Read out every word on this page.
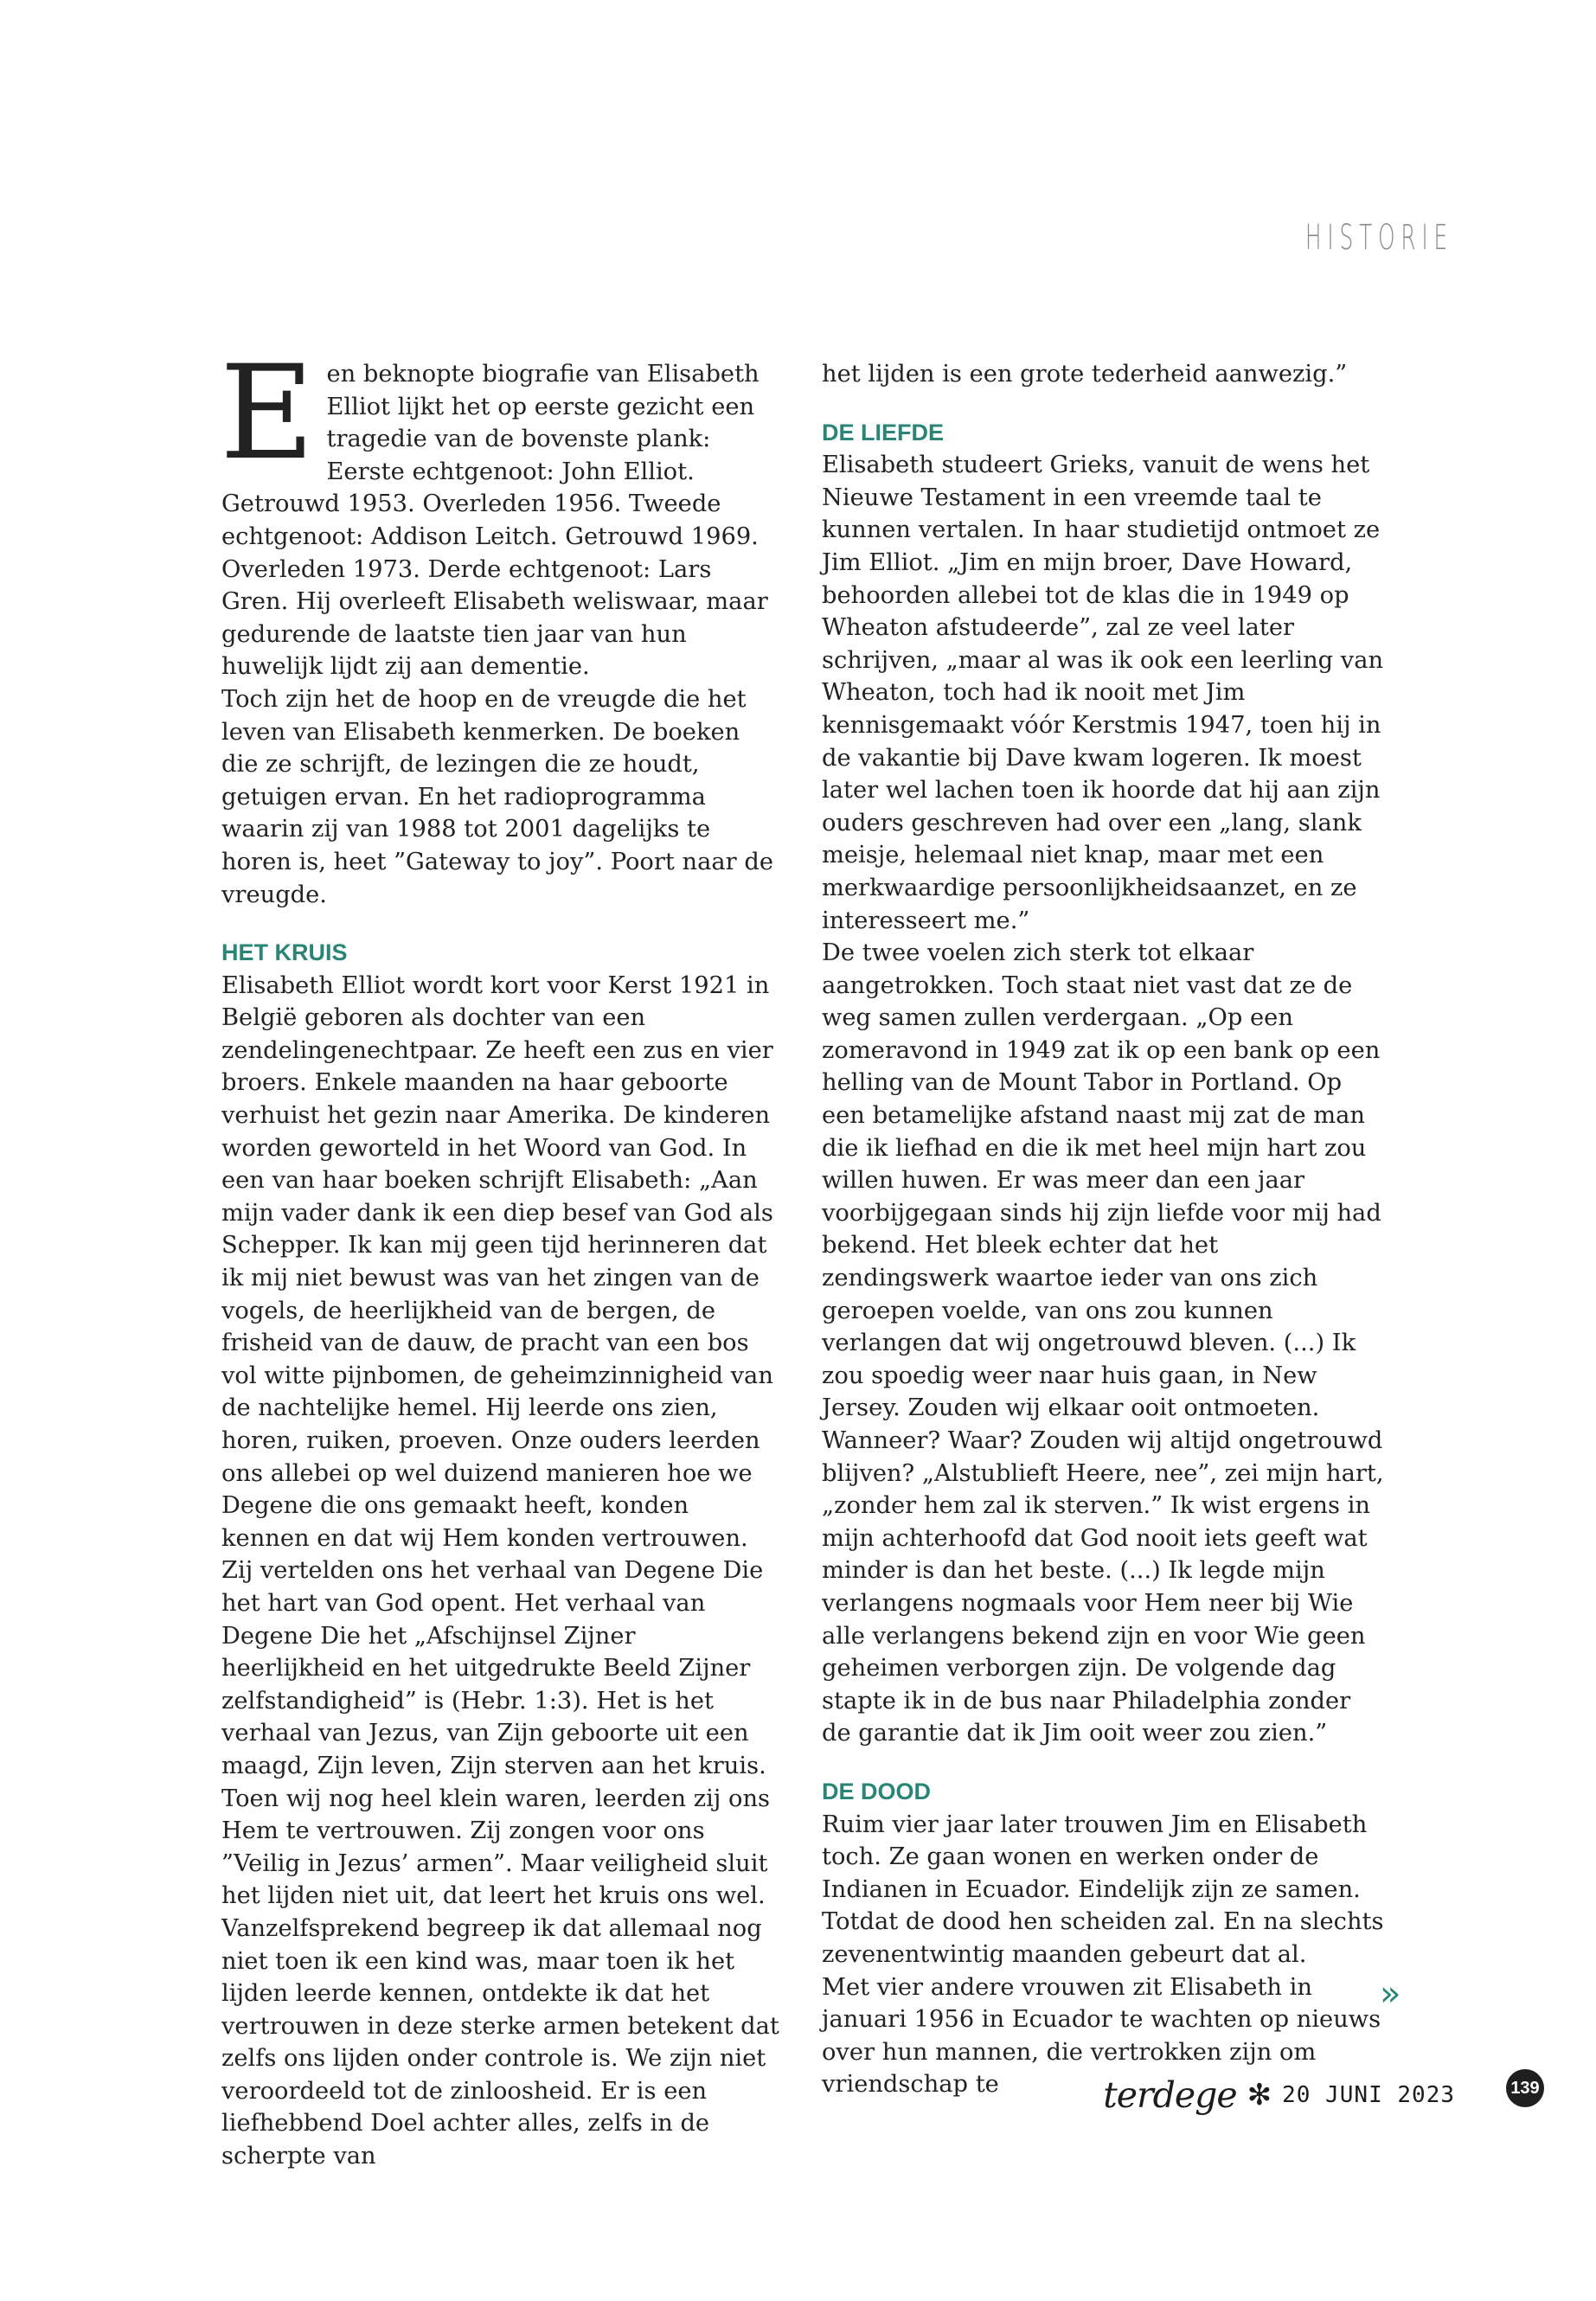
HISTORIE

Een beknopte biografie van Elisabeth Elliot lijkt het op eerste gezicht een tragedie van de bovenste plank: Eerste echtgenoot: John Elliot. Getrouwd 1953. Overleden 1956. Tweede echtgenoot: Addison Leitch. Getrouwd 1969. Overleden 1973. Derde echtgenoot: Lars Gren. Hij overleeft Elisabeth weliswaar, maar gedurende de laatste tien jaar van hun huwelijk lijdt zij aan dementie.

Toch zijn het de hoop en de vreugde die het leven van Elisabeth kenmerken. De boeken die ze schrijft, de lezingen die ze houdt, getuigen ervan. En het radioprogramma waarin zij van 1988 tot 2001 dagelijks te horen is, heet ”Gateway to joy”. Poort naar de vreugde.

HET KRUIS

Elisabeth Elliot wordt kort voor Kerst 1921 in België geboren als dochter van een zendelingenechtpaar. Ze heeft een zus en vier broers. Enkele maanden na haar geboorte verhuist het gezin naar Amerika. De kinderen worden geworteld in het Woord van God. In een van haar boeken schrijft Elisabeth: „Aan mijn vader dank ik een diep besef van God als Schepper. Ik kan mij geen tijd herinneren dat ik mij niet bewust was van het zingen van de vogels, de heerlijkheid van de bergen, de frisheid van de dauw, de pracht van een bos vol witte pijnbomen, de geheimzinnigheid van de nachtelijke hemel. Hij leerde ons zien, horen, ruiken, proeven. Onze ouders leerden ons allebei op wel duizend manieren hoe we Degene die ons gemaakt heeft, konden kennen en dat wij Hem konden vertrouwen. Zij vertelden ons het verhaal van Degene Die het hart van God opent. Het verhaal van Degene Die het „Afschijnsel Zijner heerlijkheid en het uitgedrukte Beeld Zijner zelfstandigheid” is (Hebr. 1:3). Het is het verhaal van Jezus, van Zijn geboorte uit een maagd, Zijn leven, Zijn sterven aan het kruis. Toen wij nog heel klein waren, leerden zij ons Hem te vertrouwen. Zij zongen voor ons ”Veilig in Jezus’ armen”. Maar veiligheid sluit het lijden niet uit, dat leert het kruis ons wel. Vanzelfsprekend begreep ik dat allemaal nog niet toen ik een kind was, maar toen ik het lijden leerde kennen, ontdekte ik dat het vertrouwen in deze sterke armen betekent dat zelfs ons lijden onder controle is. We zijn niet veroordeeld tot de zinloosheid. Er is een liefhebbend Doel achter alles, zelfs in de scherpte van

het lijden is een grote tederheid aanwezig.”

DE LIEFDE

Elisabeth studeert Grieks, vanuit de wens het Nieuwe Testament in een vreemde taal te kunnen vertalen. In haar studietijd ontmoet ze Jim Elliot. „Jim en mijn broer, Dave Howard, behoorden allebei tot de klas die in 1949 op Wheaton afstudeerde”, zal ze veel later schrijven, „maar al was ik ook een leerling van Wheaton, toch had ik nooit met Jim kennisgemaakt vóór Kerstmis 1947, toen hij in de vakantie bij Dave kwam logeren. Ik moest later wel lachen toen ik hoorde dat hij aan zijn ouders geschreven had over een „lang, slank meisje, helemaal niet knap, maar met een merkwaardige persoonlijkheidsaanzet, en ze interesseert me.”

De twee voelen zich sterk tot elkaar aangetrokken. Toch staat niet vast dat ze de weg samen zullen verdergaan. „Op een zomeravond in 1949 zat ik op een bank op een helling van de Mount Tabor in Portland. Op een betamelijke afstand naast mij zat de man die ik liefhad en die ik met heel mijn hart zou willen huwen. Er was meer dan een jaar voorbijgegaan sinds hij zijn liefde voor mij had bekend. Het bleek echter dat het zendingswerk waartoe ieder van ons zich geroepen voelde, van ons zou kunnen verlangen dat wij ongetrouwd bleven. (...) Ik zou spoedig weer naar huis gaan, in New Jersey. Zouden wij elkaar ooit ontmoeten. Wanneer? Waar? Zouden wij altijd ongetrouwd blijven? „Alstublieft Heere, nee”, zei mijn hart, „zonder hem zal ik sterven.” Ik wist ergens in mijn achterhoofd dat God nooit iets geeft wat minder is dan het beste. (...) Ik legde mijn verlangens nogmaals voor Hem neer bij Wie alle verlangens bekend zijn en voor Wie geen geheimen verborgen zijn. De volgende dag stapte ik in de bus naar Philadelphia zonder de garantie dat ik Jim ooit weer zou zien.”

DE DOOD

Ruim vier jaar later trouwen Jim en Elisabeth toch. Ze gaan wonen en werken onder de Indianen in Ecuador. Eindelijk zijn ze samen. Totdat de dood hen scheiden zal. En na slechts zevenentwintig maanden gebeurt dat al.

Met vier andere vrouwen zit Elisabeth in januari 1956 in Ecuador te wachten op nieuws over hun mannen, die vertrokken zijn om vriendschap te

»
terdege ✻ 20 JUNI 2023	139
